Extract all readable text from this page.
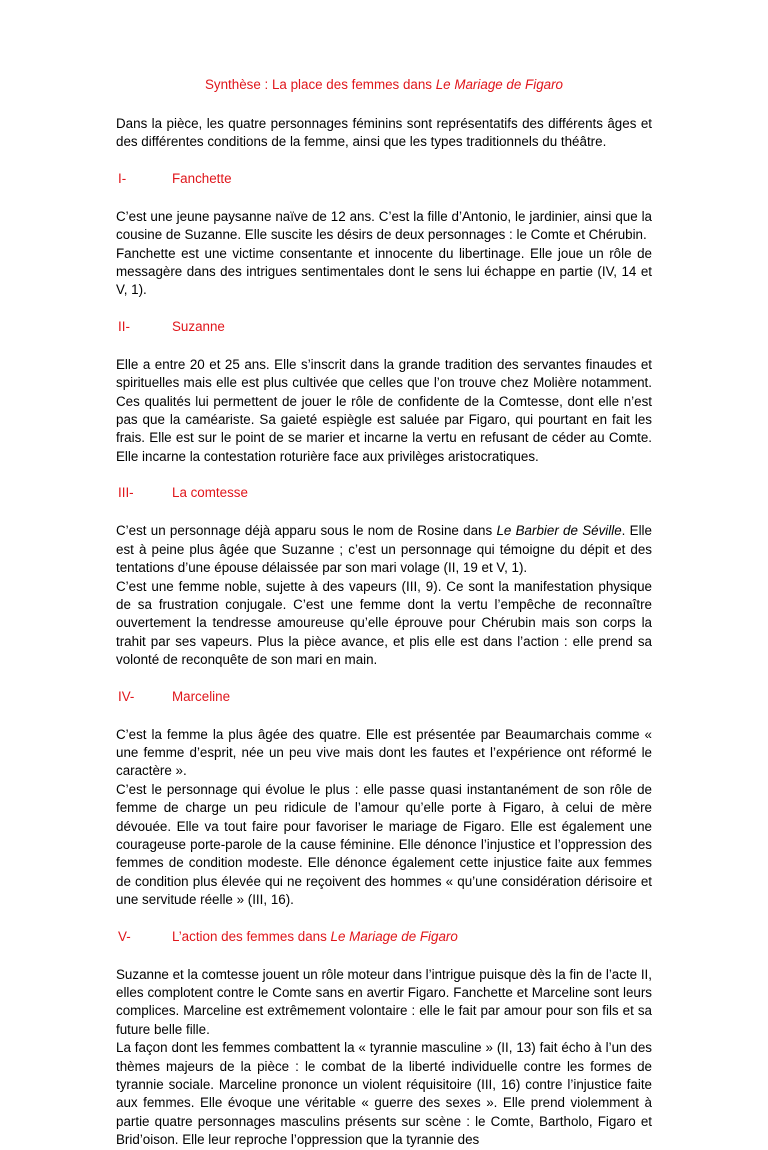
Synthèse : La place des femmes dans Le Mariage de Figaro

Dans la pièce, les quatre personnages féminins sont représentatifs des différents âges et des différentes conditions de la femme, ainsi que les types traditionnels du théâtre.

I-	Fanchette

C’est une jeune paysanne naïve de 12 ans. C’est la fille d’Antonio, le jardinier, ainsi que la cousine de Suzanne. Elle suscite les désirs de deux personnages : le Comte et Chérubin.
Fanchette est une victime consentante et innocente du libertinage. Elle joue un rôle de messagère dans des intrigues sentimentales dont le sens lui échappe en partie (IV, 14 et V, 1).

II-	Suzanne

Elle a entre 20 et 25 ans. Elle s’inscrit dans la grande tradition des servantes finaudes et spirituelles mais elle est plus cultivée que celles que l’on trouve chez Molière notamment. Ces qualités lui permettent de jouer le rôle de confidente de la Comtesse, dont elle n’est pas que la caméariste. Sa gaieté espiègle est saluée par Figaro, qui pourtant en fait les frais. Elle est sur le point de se marier et incarne la vertu en refusant de céder au Comte. Elle incarne la contestation roturière face aux privilèges aristocratiques.

III-	La comtesse

C’est un personnage déjà apparu sous le nom de Rosine dans Le Barbier de Séville. Elle est à peine plus âgée que Suzanne ; c’est un personnage qui témoigne du dépit et des tentations d’une épouse délaissée par son mari volage (II, 19 et V, 1).
C’est une femme noble, sujette à des vapeurs (III, 9). Ce sont la manifestation physique de sa frustration conjugale. C’est une femme dont la vertu l’empêche de reconnaître ouvertement la tendresse amoureuse qu’elle éprouve pour Chérubin mais son corps la trahit par ses vapeurs. Plus la pièce avance, et plis elle est dans l’action : elle prend sa volonté de reconquête de son mari en main.

IV-	Marceline

C’est la femme la plus âgée des quatre. Elle est présentée par Beaumarchais comme « une femme d’esprit, née un peu vive mais dont les fautes et l’expérience ont réformé le caractère ».
C’est le personnage qui évolue le plus : elle passe quasi instantanément de son rôle de femme de charge un peu ridicule de l’amour qu’elle porte à Figaro, à celui de mère dévouée. Elle va tout faire pour favoriser le mariage de Figaro. Elle est également une courageuse porte-parole de la cause féminine. Elle dénonce l’injustice et l’oppression des femmes de condition modeste. Elle dénonce également cette injustice faite aux femmes de condition plus élevée qui ne reçoivent des hommes « qu’une considération dérisoire et une servitude réelle » (III, 16).

V-	L’action des femmes dans Le Mariage de Figaro

Suzanne et la comtesse jouent un rôle moteur dans l’intrigue puisque dès la fin de l’acte II, elles complotent contre le Comte sans en avertir Figaro. Fanchette et Marceline sont leurs complices. Marceline est extrêmement volontaire : elle le fait par amour pour son fils et sa future belle fille.
La façon dont les femmes combattent la « tyrannie masculine » (II, 13) fait écho à l’un des thèmes majeurs de la pièce : le combat de la liberté individuelle contre les formes de tyrannie sociale. Marceline prononce un violent réquisitoire (III, 16) contre l’injustice faite aux femmes. Elle évoque une véritable « guerre des sexes ». Elle prend violemment à partie quatre personnages masculins présents sur scène : le Comte, Bartholo, Figaro et Brid’oison. Elle leur reproche l’oppression que la tyrannie des
